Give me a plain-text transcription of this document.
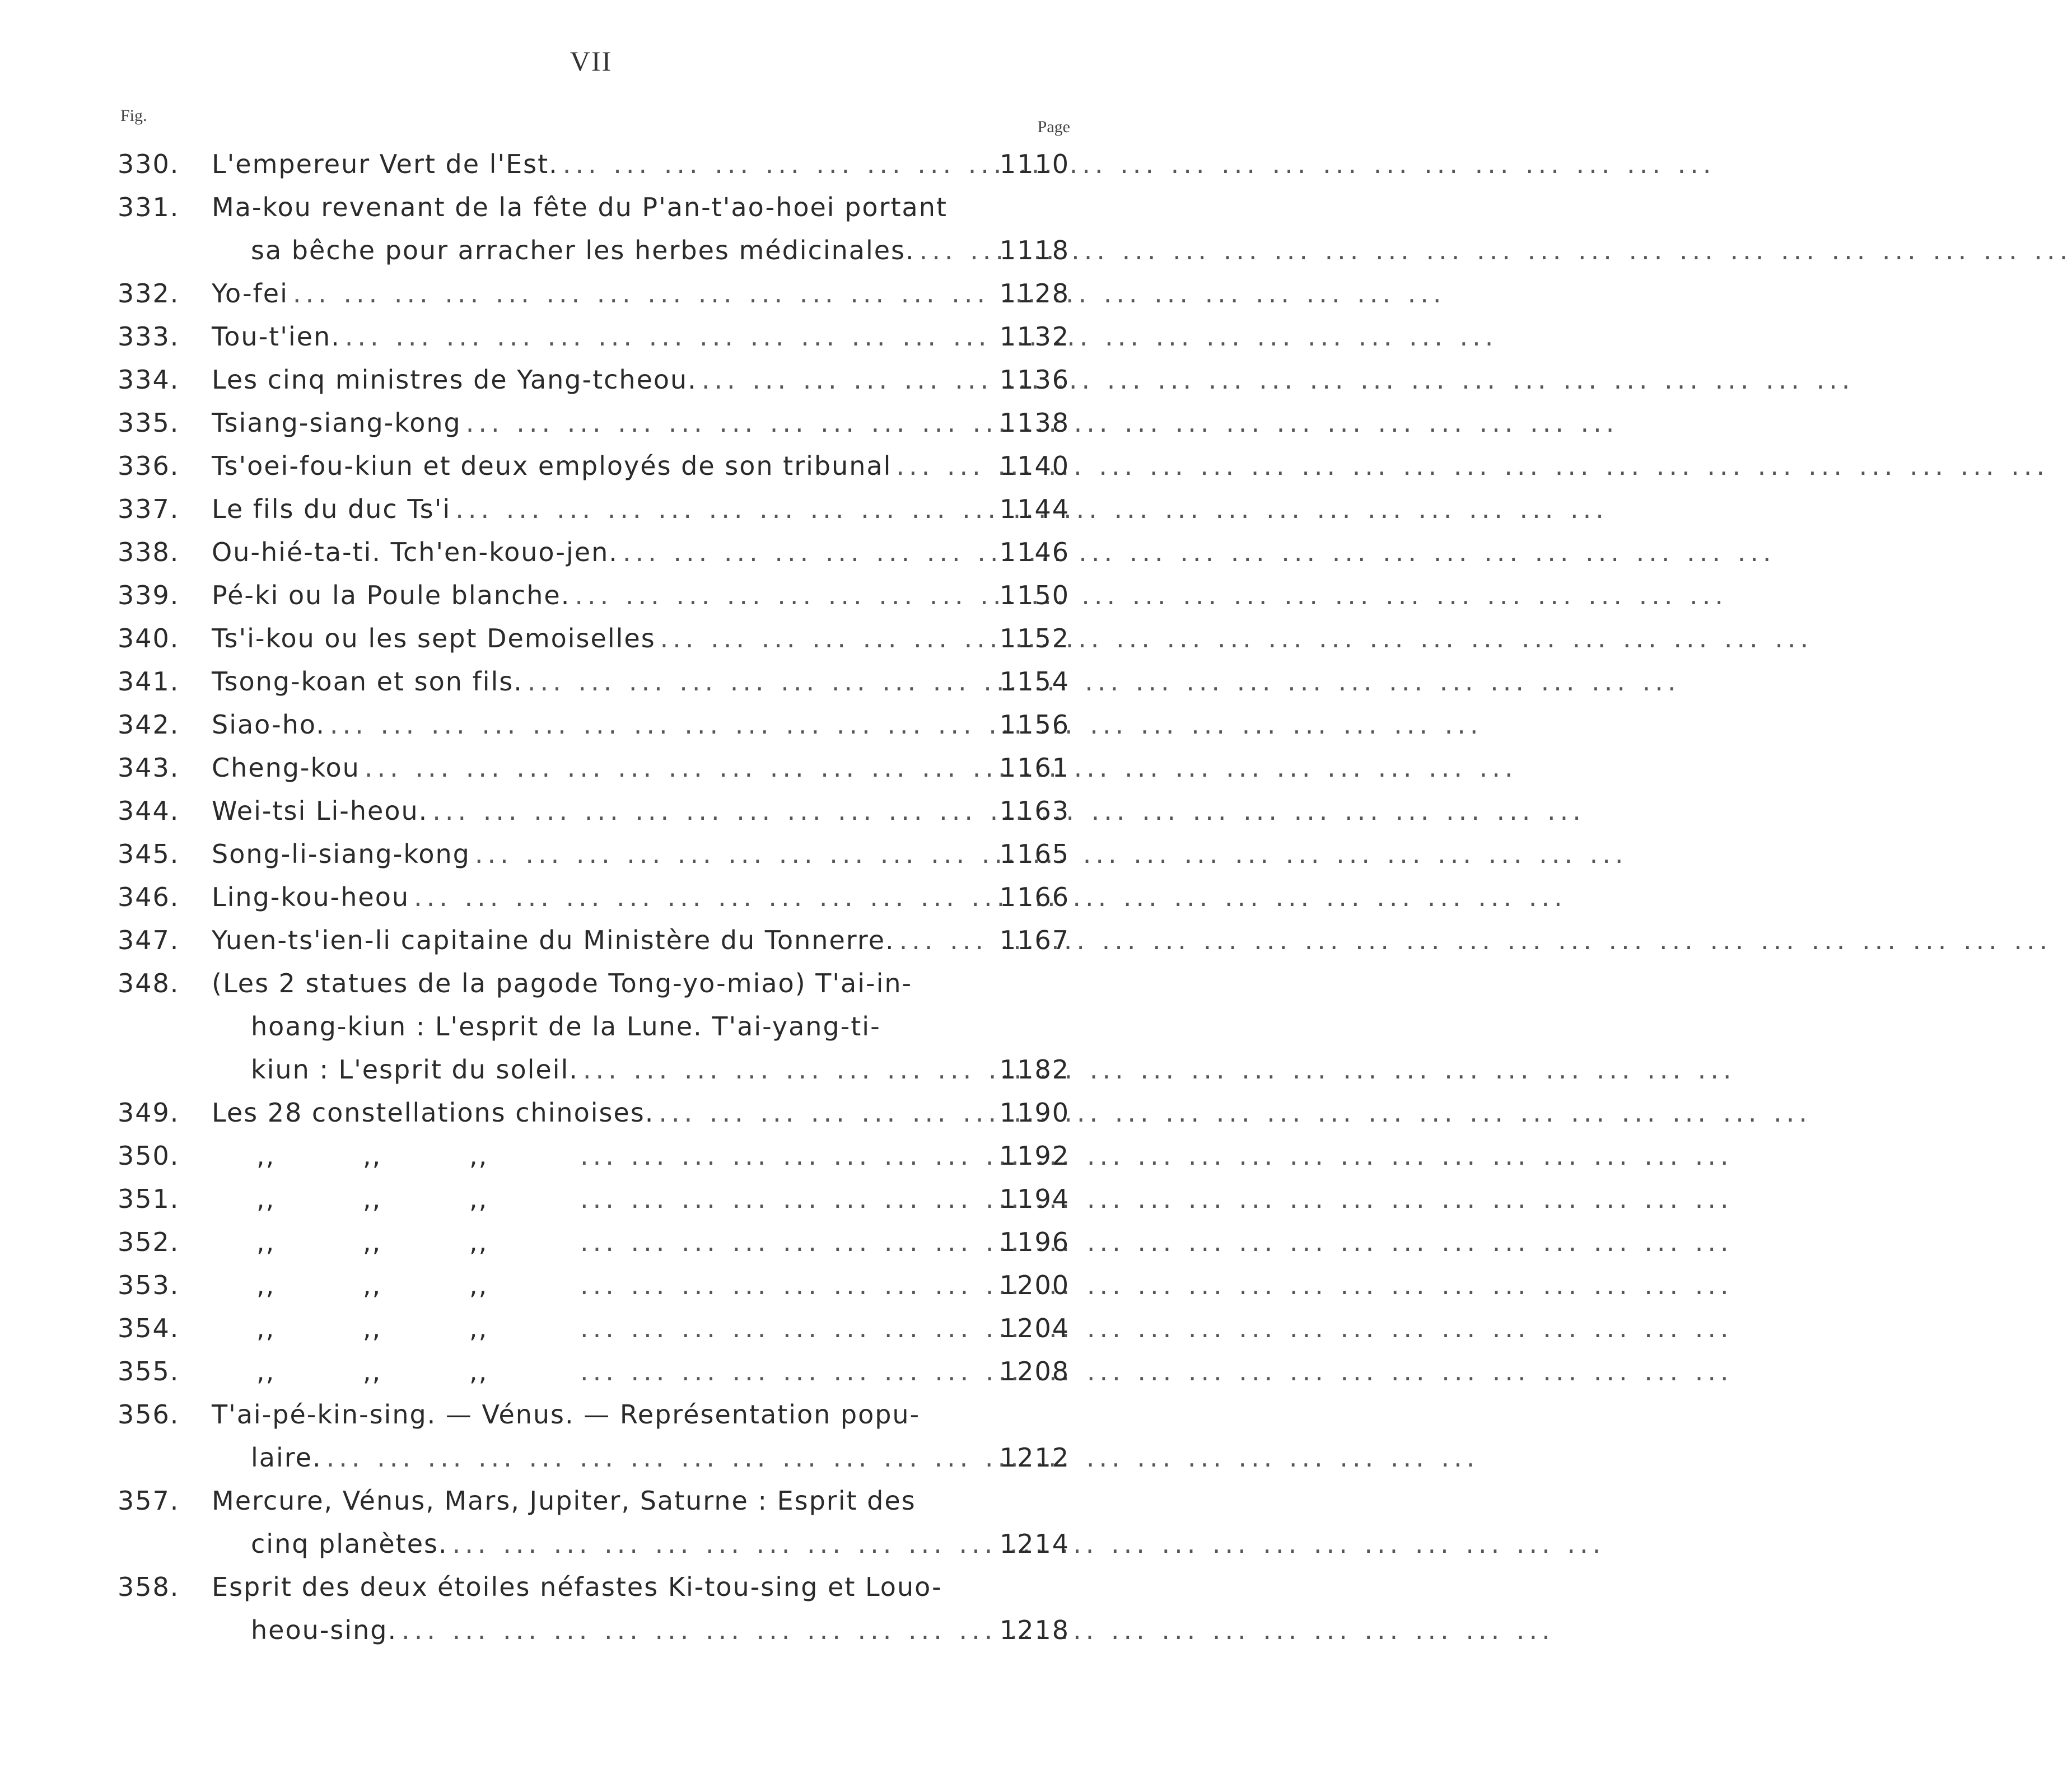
VII
Fig.
Page
330.	L'empereur Vert de l'Est. ... .	1110
331.	Ma-kou revenant de la fête du P'an-t'ao-hoei portant
sa bêche pour arracher les herbes médicinales. ... .	1118
332.	Yo-fei ... .	1128
333.	Tou-t'ien. ... .	1132
334.	Les cinq ministres de Yang-tcheou. ... .	1136
335.	Tsiang-siang-kong ... .	1138
336.	Ts'oei-fou-kiun et deux employés de son tribunal ... .	1140
337.	Le fils du duc Ts'i ... .	1144
338.	Ou-hié-ta-ti. Tch'en-kouo-jen. ... .	1146
339.	Pé-ki ou la Poule blanche. ... .	1150
340.	Ts'i-kou ou les sept Demoiselles ... .	1152
341.	Tsong-koan et son fils. ... .	1154
342.	Siao-ho. ... .	1156
343.	Cheng-kou ... .	1161
344.	Wei-tsi Li-heou. ... .	1163
345.	Song-li-siang-kong ... .	1165
346.	Ling-kou-heou ... .	1166
347.	Yuen-ts'ien-li capitaine du Ministère du Tonnerre. ... .	1167
348.	(Les 2 statues de la pagode Tong-yo-miao) T'ai-in-
hoang-kiun : L'esprit de la Lune. T'ai-yang-ti-
kiun : L'esprit du soleil. ... .	1182
349.	Les 28 constellations chinoises. ... .	1190
350.	,,	,,	,, ... .	1192
351.	,,	,,	,, ... .	1194
352.	,,	,,	,, ... .	1196
353.	,,	,,	,, ... .	1200
354.	,,	,,	,, ... .	1204
355.	,,	,,	,, ... .	1208
356.	T'ai-pé-kin-sing. — Vénus. — Représentation popu-
laire. ... .	1212
357.	Mercure, Vénus, Mars, Jupiter, Saturne : Esprit des
cinq planètes. ... .	1214
358.	Esprit des deux étoiles néfastes Ki-tou-sing et Louo-
heou-sing. ... .	1218
